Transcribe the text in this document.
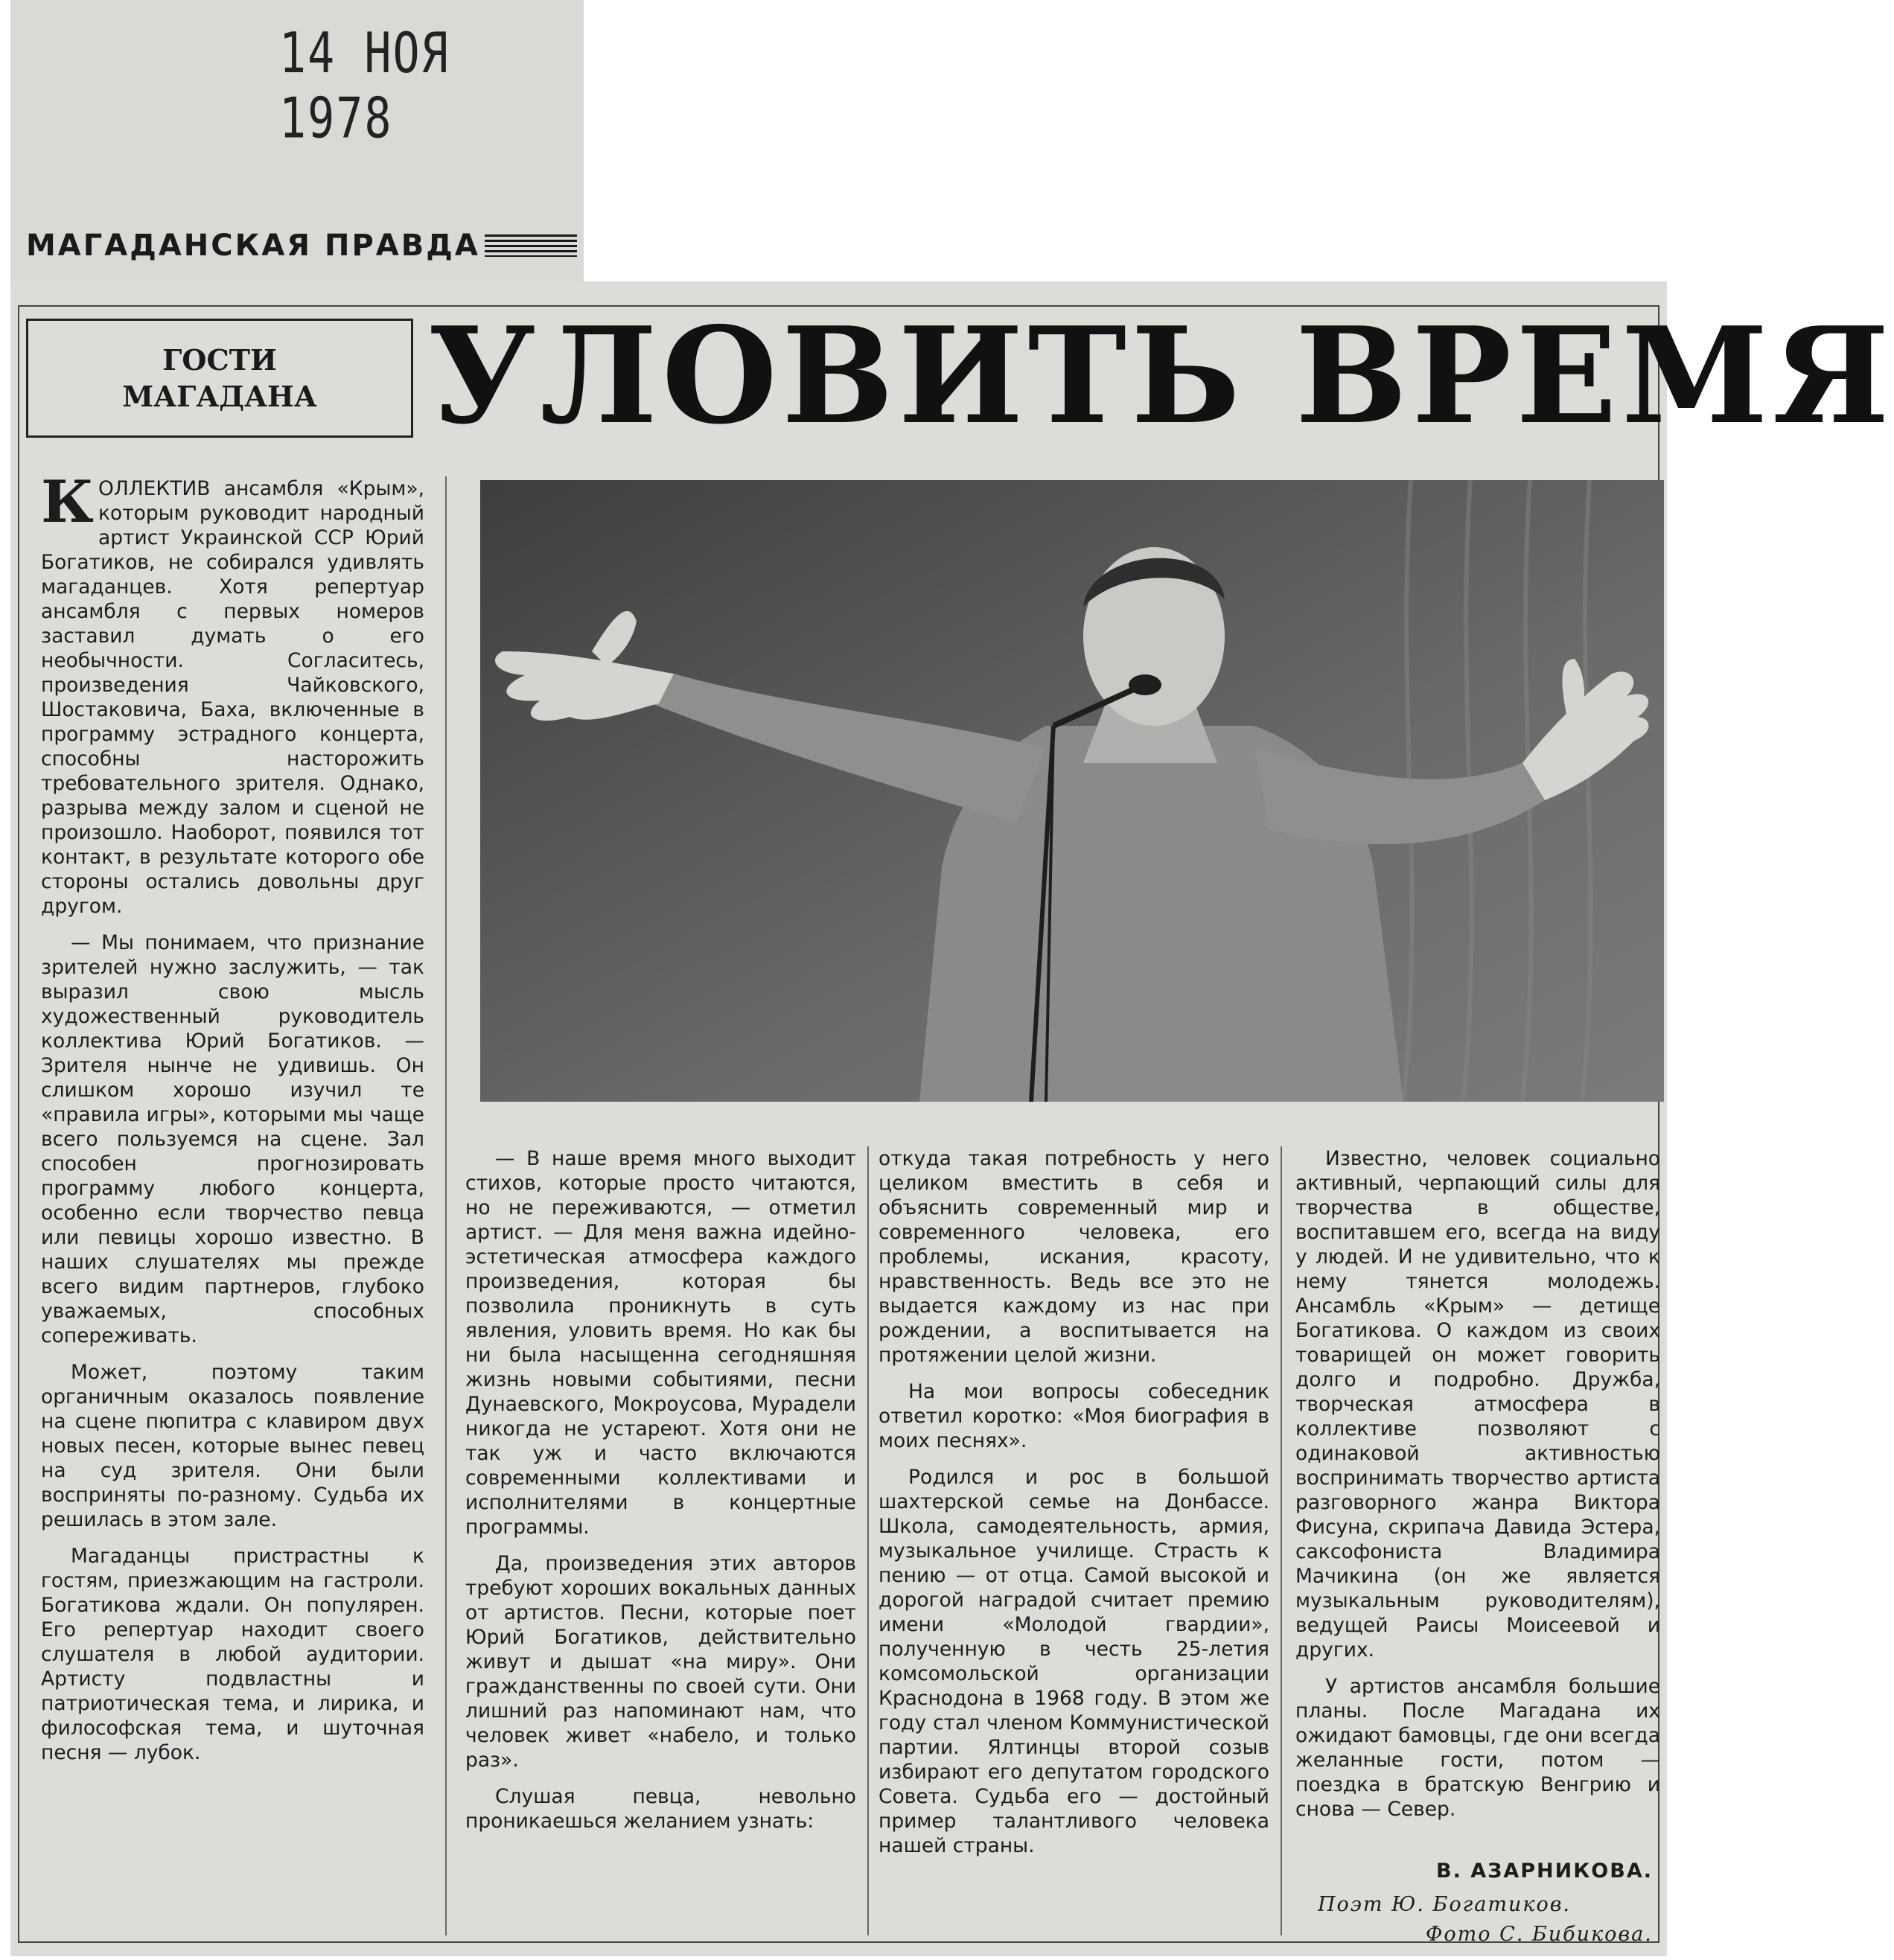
14 НОЯ 1978
МАГАДАНСКАЯ ПРАВДА
ГОСТИ
МАГАДАНА УЛОВИТЬ ВРЕМЯ

КОЛЛЕКТИВ ансамбля «Крым», которым руководит народный артист Украинской ССР Юрий Богатиков, не собирался удивлять магаданцев. Хотя репертуар ансамбля с первых номеров заставил думать о его необычности. Согласитесь, произведения Чайковского, Шостаковича, Баха, включенные в программу эстрадного концерта, способны насторожить требовательного зрителя. Однако, разрыва между залом и сценой не произошло. Наоборот, появился тот контакт, в результате которого обе стороны остались довольны друг другом.

— Мы понимаем, что признание зрителей нужно заслужить, — так выразил свою мысль художественный руководитель коллектива Юрий Богатиков. — Зрителя нынче не удивишь. Он слишком хорошо изучил те «правила игры», которыми мы чаще всего пользуемся на сцене. Зал способен прогнозировать программу любого концерта, особенно если творчество певца или певицы хорошо известно. В наших слушателях мы прежде всего видим партнеров, глубоко уважаемых, способных сопереживать.

Может, поэтому таким органичным оказалось появление на сцене пюпитра с клавиром двух новых песен, которые вынес певец на суд зрителя. Они были восприняты по-разному. Судьба их решилась в этом зале.

Магаданцы пристрастны к гостям, приезжающим на гастроли. Богатикова ждали. Он популярен. Его репертуар находит своего слушателя в любой аудитории. Артисту подвластны и патриотическая тема, и лирика, и философская тема, и шуточная песня — лубок.

— В наше время много выходит стихов, которые просто читаются, но не переживаются, — отметил артист. — Для меня важна идейно-эстетическая атмосфера каждого произведения, которая бы позволила проникнуть в суть явления, уловить время. Но как бы ни была насыщенна сегодняшняя жизнь новыми событиями, песни Дунаевского, Мокроусова, Мурадели никогда не устареют. Хотя они не так уж и часто включаются современными коллективами и исполнителями в концертные программы.

Да, произведения этих авторов требуют хороших вокальных данных от артистов. Песни, которые поет Юрий Богатиков, действительно живут и дышат «на миру». Они гражданственны по своей сути. Они лишний раз напоминают нам, что человек живет «набело, и только раз».

Слушая певца, невольно проникаешься желанием узнать:

откуда такая потребность у него целиком вместить в себя и объяснить современный мир и современного человека, его проблемы, искания, красоту, нравственность. Ведь все это не выдается каждому из нас при рождении, а воспитывается на протяжении целой жизни.

На мои вопросы собеседник ответил коротко: «Моя биография в моих песнях».

Родился и рос в большой шахтерской семье на Донбассе. Школа, самодеятельность, армия, музыкальное училище. Страсть к пению — от отца. Самой высокой и дорогой наградой считает премию имени «Молодой гвардии», полученную в честь 25-летия комсомольской организации Краснодона в 1968 году. В этом же году стал членом Коммунистической партии. Ялтинцы второй созыв избирают его депутатом городского Совета. Судьба его — достойный пример талантливого человека нашей страны.

Известно, человек социально активный, черпающий силы для творчества в обществе, воспитавшем его, всегда на виду у людей. И не удивительно, что к нему тянется молодежь. Ансамбль «Крым» — детище Богатикова. О каждом из своих товарищей он может говорить долго и подробно. Дружба, творческая атмосфера в коллективе позволяют с одинаковой активностью воспринимать творчество артиста разговорного жанра Виктора Фисуна, скрипача Давида Эстера, саксофониста Владимира Мачикина (он же является музыкальным руководителям), ведущей Раисы Моисеевой и других.

У артистов ансамбля большие планы. После Магадана их ожидают бамовцы, где они всегда желанные гости, потом — поездка в братскую Венгрию и снова — Север.

В. АЗАРНИКОВА.
Поэт Ю. Богатиков.
Фото С. Бибикова.
